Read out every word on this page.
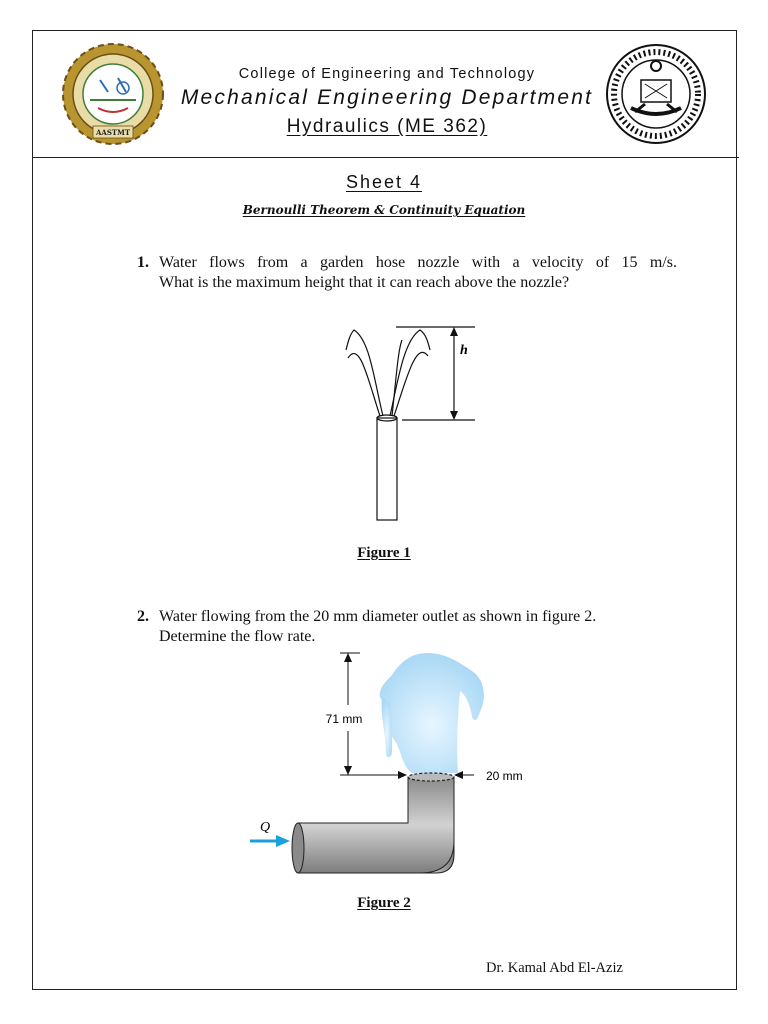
AASTMT
College of Engineering and Technology
Mechanical Engineering Department
Hydraulics (ME 362)
Sheet 4
Bernoulli Theorem & Continuity Equation
1. Water flows from a garden hose nozzle with a velocity of 15 m/s.
What is the maximum height that it can reach above the nozzle?
h
Figure 1
2. Water flowing from the 20 mm diameter outlet as shown in figure 2.
Determine the flow rate.
71 mm
20 mm
Q
Figure 2
Dr. Kamal Abd El-Aziz
